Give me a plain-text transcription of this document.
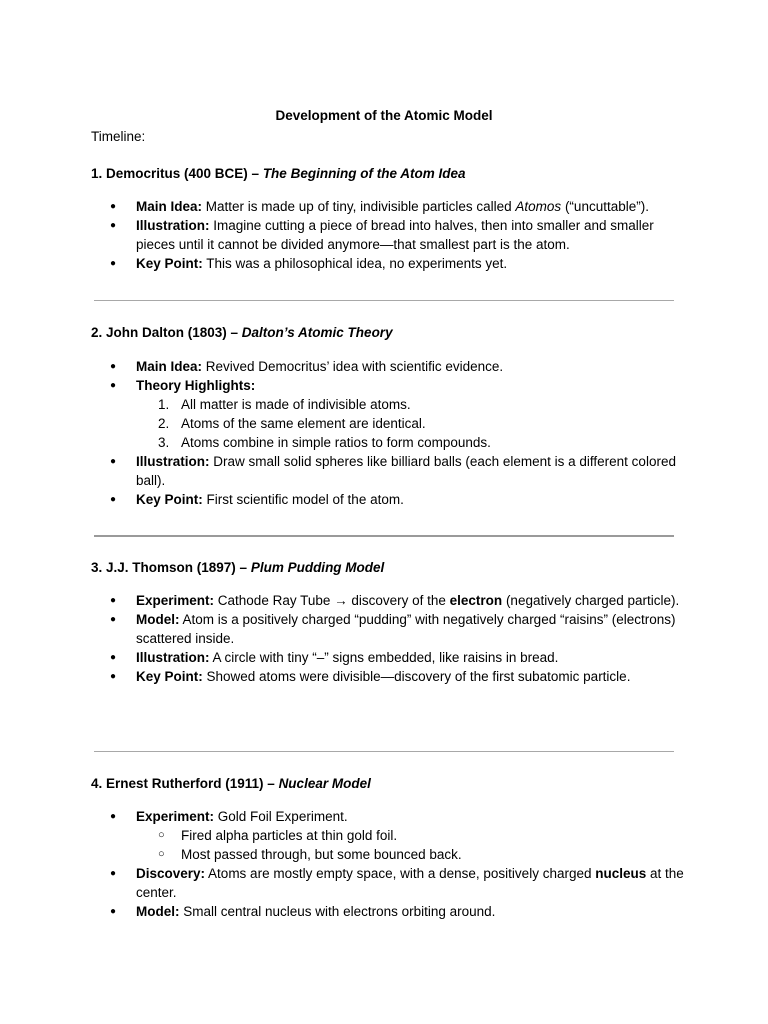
Development of the Atomic Model
Timeline:
1. Democritus (400 BCE) – The Beginning of the Atom Idea
● Main Idea: Matter is made up of tiny, indivisible particles called Atomos (“uncuttable”).
● Illustration: Imagine cutting a piece of bread into halves, then into smaller and smaller pieces until it cannot be divided anymore—that smallest part is the atom.
● Key Point: This was a philosophical idea, no experiments yet.
2. John Dalton (1803) – Dalton’s Atomic Theory
● Main Idea: Revived Democritus’ idea with scientific evidence.
● Theory Highlights:
1. All matter is made of indivisible atoms.
2. Atoms of the same element are identical.
3. Atoms combine in simple ratios to form compounds.
● Illustration: Draw small solid spheres like billiard balls (each element is a different colored ball).
● Key Point: First scientific model of the atom.
3. J.J. Thomson (1897) – Plum Pudding Model
● Experiment: Cathode Ray Tube → discovery of the electron (negatively charged particle).
● Model: Atom is a positively charged “pudding” with negatively charged “raisins” (electrons) scattered inside.
● Illustration: A circle with tiny “–” signs embedded, like raisins in bread.
● Key Point: Showed atoms were divisible—discovery of the first subatomic particle.
4. Ernest Rutherford (1911) – Nuclear Model
● Experiment: Gold Foil Experiment.
○ Fired alpha particles at thin gold foil.
○ Most passed through, but some bounced back.
● Discovery: Atoms are mostly empty space, with a dense, positively charged nucleus at the center.
● Model: Small central nucleus with electrons orbiting around.
